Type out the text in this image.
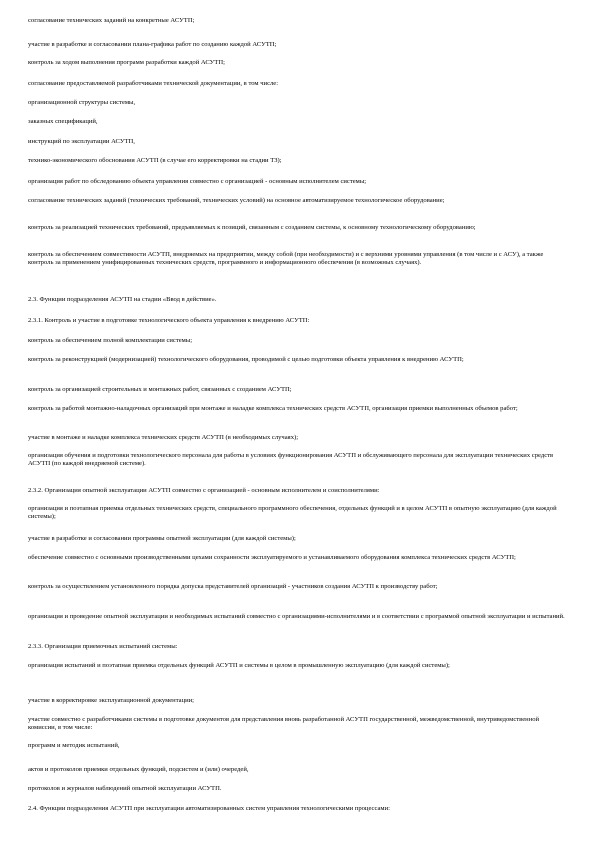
согласование технических заданий на конкретные АСУТП;

участие в разработке и согласовании плана-графика работ по созданию каждой АСУТП;

контроль за ходом выполнения программ разработки каждой АСУТП;

согласование предоставляемой разработчиками технической документации, в том числе:

организационной структуры системы,

заказных спецификаций,

инструкций по эксплуатации АСУТП,

технико-экономического обоснования АСУТП (в случае его корректировки на стадии ТЗ);

организация работ по обследованию объекта управления совместно с организацией - основным исполнителем системы;

согласование технических заданий (технических требований, технических условий) на основное автоматизируемое технологическое оборудование;

контроль за реализацией технических требований, предъявляемых к позиций, связанным с созданием системы, к основному технологическому оборудованию;

контроль за обеспечением совместимости АСУТП, внедряемых на предприятии, между собой (при необходимости) и с верхними уровнями управления (в том числе и с АСУ), а также контроль за применением унифицированных технических средств, программного и информационного обеспечения (в возможных случаях).

2.3. Функции подразделения АСУТП на стадии «Ввод в действие».

2.3.1. Контроль и участие в подготовке технологического объекта управления к внедрению АСУТП:

контроль за обеспечением полной комплектации системы;

контроль за реконструкцией (модернизацией) технологического оборудования, проводимой с целью подготовки объекта управления к внедрению АСУТП;

контроль за организацией строительных и монтажных работ, связанных с созданием АСУТП;

контроль за работой монтажно-наладочных организаций при монтаже и наладке комплекса технических средств АСУТП, организация приемки выполненных объемов работ;

участие в монтаже и наладке комплекса технических средств АСУТП (в необходимых случаях);

организация обучения и подготовки технологического персонала для работы в условиях функционирования АСУТП и обслуживающего персонала для эксплуатации технических средств АСУТП (по каждой внедряемой системе).

2.3.2. Организация опытной эксплуатации АСУТП совместно с организацией - основным исполнителем и соисполнителями:

организация и поэтапная приемка отдельных технических средств, специального программного обеспечения, отдельных функций и в целом АСУТП в опытную эксплуатацию (для каждой системы);

участие в разработке и согласовании программы опытной эксплуатации (для каждой системы);

обеспечение совместно с основными производственными цехами сохранности эксплуатируемого и устанавливаемого оборудования комплекса технических средств АСУТП;

контроль за осуществлением установленного порядка допуска представителей организаций - участников создания АСУТП к производству работ;

организация и проведение опытной эксплуатации и необходимых испытаний совместно с организациями-исполнителями и в соответствии с программой опытной эксплуатации и испытаний.

2.3.3. Организация приемочных испытаний системы:

организация испытаний и поэтапная приемка отдельных функций АСУТП и системы в целом в промышленную эксплуатацию (для каждой системы);

участие в корректировке эксплуатационной документации;

участие совместно с разработчиками системы в подготовке документов для представления вновь разработанной АСУТП государственной, межведомственной, внутриведомственной комиссии, в том числе:

программ и методик испытаний,

актов и протоколов приемки отдельных функций, подсистем и (или) очередей,

протоколов и журналов наблюдений опытной эксплуатации АСУТП.

2.4. Функции подразделения АСУТП при эксплуатации автоматизированных систем управления технологическими процессами:
